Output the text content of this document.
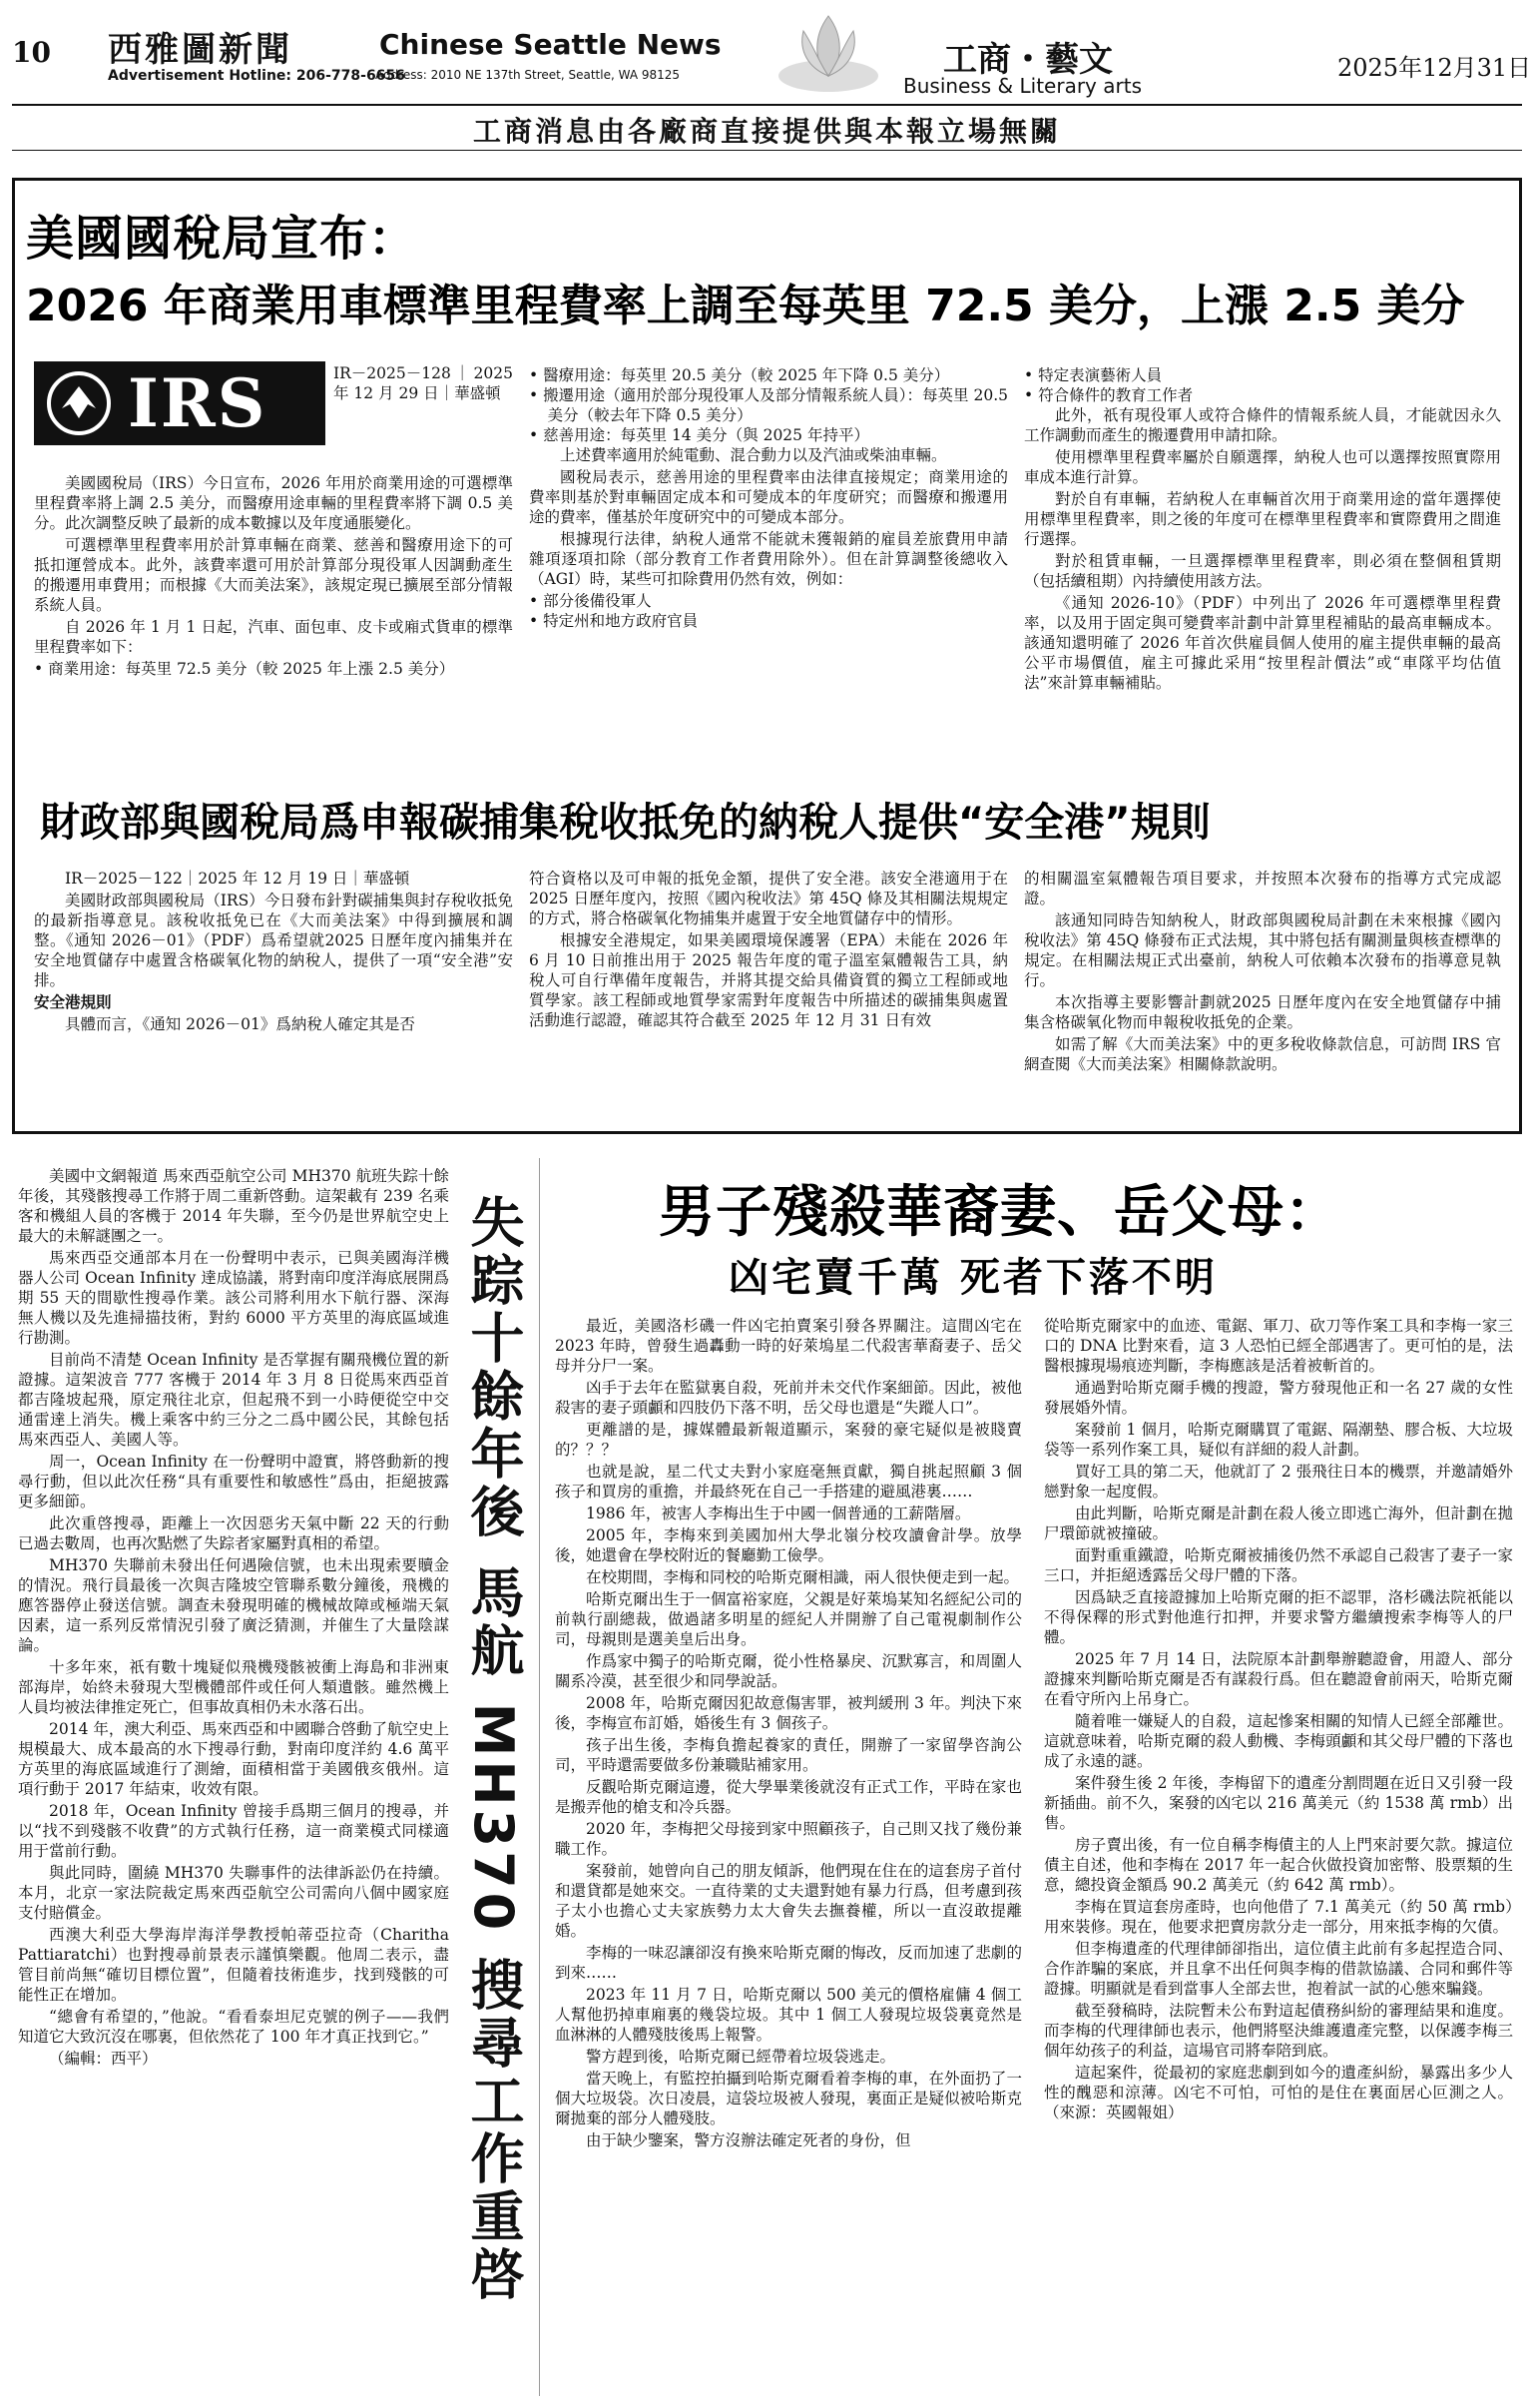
10 西雅圖新聞	Chinese Seattle News
Advertisement Hotline: 206-778-6656
Address: 2010 NE 137th Street, Seattle, WA 98125	工商・藝文
Business & Literary arts
2025年12月31日
工商消息由各廠商直接提供與本報立場無關
美國國稅局宣布：
2026 年商業用車標準里程費率上調至每英里 72.5 美分，上漲 2.5 美分
IRS	IR－2025－128｜2025 年 12 月 29 日｜華盛頓

美國國稅局（IRS）今日宣布，2026 年用於商業用途的可選標準里程費率將上調 2.5 美分，而醫療用途車輛的里程費率將下調 0.5 美分。此次調整反映了最新的成本數據以及年度通脹變化。

可選標準里程費率用於計算車輛在商業、慈善和醫療用途下的可抵扣運營成本。此外，該費率還可用於計算部分現役軍人因調動產生的搬遷用車費用；而根據《大而美法案》，該規定現已擴展至部分情報系統人員。

自 2026 年 1 月 1 日起，汽車、面包車、皮卡或廂式貨車的標準里程費率如下：

• 商業用途：每英里 72.5 美分（較 2025 年上漲 2.5 美分）
• 醫療用途：每英里 20.5 美分（較 2025 年下降 0.5 美分）
• 搬遷用途（適用於部分現役軍人及部分情報系統人員）：每英里 20.5 美分（較去年下降 0.5 美分）
• 慈善用途：每英里 14 美分（與 2025 年持平）

上述費率適用於純電動、混合動力以及汽油或柴油車輛。

國稅局表示，慈善用途的里程費率由法律直接規定；商業用途的費率則基於對車輛固定成本和可變成本的年度研究；而醫療和搬遷用途的費率，僅基於年度研究中的可變成本部分。

根據現行法律，納稅人通常不能就未獲報銷的雇員差旅費用申請雜項逐項扣除（部分教育工作者費用除外）。但在計算調整後總收入（AGI）時，某些可扣除費用仍然有效，例如：

• 部分後備役軍人
• 特定州和地方政府官員
• 特定表演藝術人員
• 符合條件的教育工作者

此外，祇有現役軍人或符合條件的情報系統人員，才能就因永久工作調動而產生的搬遷費用申請扣除。

使用標準里程費率屬於自願選擇，納稅人也可以選擇按照實際用車成本進行計算。

對於自有車輛，若納稅人在車輛首次用于商業用途的當年選擇使用標準里程費率，則之後的年度可在標準里程費率和實際費用之間進行選擇。

對於租賃車輛，一旦選擇標準里程費率，則必須在整個租賃期（包括續租期）內持續使用該方法。

《通知 2026-10》（PDF）中列出了 2026 年可選標準里程費率，以及用于固定與可變費率計劃中計算里程補貼的最高車輛成本。該通知還明確了 2026 年首次供雇員個人使用的雇主提供車輛的最高公平市場價值，雇主可據此采用“按里程計價法”或“車隊平均估值法”來計算車輛補貼。

財政部與國稅局爲申報碳捕集稅收抵免的納稅人提供“安全港”規則

IR－2025－122｜2025 年 12 月 19 日｜華盛頓

美國財政部與國稅局（IRS）今日發布針對碳捕集與封存稅收抵免的最新指導意見。該稅收抵免已在《大而美法案》中得到擴展和調整。《通知 2026－01》（PDF）爲希望就2025 日歷年度內捕集并在安全地質儲存中處置含格碳氧化物的納稅人，提供了一項“安全港”安排。

安全港規則

具體而言，《通知 2026－01》爲納稅人確定其是否

符合資格以及可申報的抵免金額，提供了安全港。該安全港適用于在 2025 日歷年度內，按照《國內稅收法》第 45Q 條及其相關法規規定的方式，將合格碳氧化物捕集并處置于安全地質儲存中的情形。

根據安全港規定，如果美國環境保護署（EPA）未能在 2026 年 6 月 10 日前推出用于 2025 報告年度的電子溫室氣體報告工具，納稅人可自行準備年度報告，并將其提交給具備資質的獨立工程師或地質學家。該工程師或地質學家需對年度報告中所描述的碳捕集與處置活動進行認證，確認其符合截至 2025 年 12 月 31 日有效

的相關溫室氣體報告項目要求，并按照本次發布的指導方式完成認證。

該通知同時告知納稅人，財政部與國稅局計劃在未來根據《國內稅收法》第 45Q 條發布正式法規，其中將包括有關測量與核查標準的規定。在相關法規正式出臺前，納稅人可依賴本次發布的指導意見執行。

本次指導主要影響計劃就2025 日歷年度內在安全地質儲存中捕集含格碳氧化物而申報稅收抵免的企業。

如需了解《大而美法案》中的更多稅收條款信息，可訪問 IRS 官網查閱《大而美法案》相關條款說明。

美國中文網報道 馬來西亞航空公司 MH370 航班失踪十餘年後，其殘骸搜尋工作將于周二重新啓動。這架載有 239 名乘客和機組人員的客機于 2014 年失聯，至今仍是世界航空史上最大的未解謎團之一。

馬來西亞交通部本月在一份聲明中表示，已與美國海洋機器人公司 Ocean Infinity 達成協議，將對南印度洋海底展開爲期 55 天的間歇性搜尋作業。該公司將利用水下航行器、深海無人機以及先進掃描技術，對約 6000 平方英里的海底區域進行勘測。

目前尚不清楚 Ocean Infinity 是否掌握有關飛機位置的新證據。這架波音 777 客機于 2014 年 3 月 8 日從馬來西亞首都吉隆坡起飛，原定飛往北京，但起飛不到一小時便從空中交通雷達上消失。機上乘客中約三分之二爲中國公民，其餘包括馬來西亞人、美國人等。

周一，Ocean Infinity 在一份聲明中證實，將啓動新的搜尋行動，但以此次任務“具有重要性和敏感性”爲由，拒絕披露更多細節。

此次重啓搜尋，距離上一次因惡劣天氣中斷 22 天的行動已過去數周，也再次點燃了失踪者家屬對真相的希望。

MH370 失聯前未發出任何遇險信號，也未出現索要贖金的情況。飛行員最後一次與吉隆坡空管聯系數分鐘後，飛機的應答器停止發送信號。調查未發現明確的機械故障或極端天氣因素，這一系列反常情況引發了廣泛猜測，并催生了大量陰謀論。

十多年來，祇有數十塊疑似飛機殘骸被衝上海島和非洲東部海岸，始終未發現大型機體部件或任何人類遺骸。雖然機上人員均被法律推定死亡，但事故真相仍未水落石出。

2014 年，澳大利亞、馬來西亞和中國聯合啓動了航空史上規模最大、成本最高的水下搜尋行動，對南印度洋約 4.6 萬平方英里的海底區域進行了測繪，面積相當于美國俄亥俄州。這項行動于 2017 年結束，收效有限。

2018 年，Ocean Infinity 曾接手爲期三個月的搜尋，并以“找不到殘骸不收費”的方式執行任務，這一商業模式同樣適用于當前行動。

與此同時，圍繞 MH370 失聯事件的法律訴訟仍在持續。本月，北京一家法院裁定馬來西亞航空公司需向八個中國家庭支付賠償金。

西澳大利亞大學海岸海洋學教授帕蒂亞拉奇（Charitha Pattiaratchi）也對搜尋前景表示謹慎樂觀。他周二表示，盡管目前尚無“確切目標位置”，但隨着技術進步，找到殘骸的可能性正在增加。

“總會有希望的，”他說。“看看泰坦尼克號的例子——我們知道它大致沉沒在哪裏，但依然花了 100 年才真正找到它。”

（編輯：西平）	失踪十餘年後 馬航 MH370 搜尋工作重啓 男子殘殺華裔妻、岳父母：
凶宅賣千萬 死者下落不明

最近，美國洛杉磯一件凶宅拍賣案引發各界關注。這間凶宅在 2023 年時，曾發生過轟動一時的好萊塢星二代殺害華裔妻子、岳父母并分尸一案。

凶手于去年在監獄裏自殺，死前并未交代作案細節。因此，被他殺害的妻子頭顱和四肢仍下落不明，岳父母也還是“失蹤人口”。

更離譜的是，據媒體最新報道顯示，案發的豪宅疑似是被賤賣的？？？

也就是說，星二代丈夫對小家庭毫無貢獻，獨自挑起照顧 3 個孩子和買房的重擔，并最終死在自己一手搭建的避風港裏……

1986 年，被害人李梅出生于中國一個普通的工薪階層。

2005 年，李梅來到美國加州大學北嶺分校攻讀會計學。放學後，她還會在學校附近的餐廳勤工儉學。

在校期間，李梅和同校的哈斯克爾相識，兩人很快便走到一起。

哈斯克爾出生于一個富裕家庭，父親是好萊塢某知名經紀公司的前執行副總裁，做過諸多明星的經紀人并開辦了自己電視劇制作公司，母親則是選美皇后出身。

作爲家中獨子的哈斯克爾，從小性格暴戾、沉默寡言，和周圍人關系冷漠，甚至很少和同學說話。

2008 年，哈斯克爾因犯故意傷害罪，被判緩刑 3 年。判決下來後，李梅宣布訂婚，婚後生有 3 個孩子。

孩子出生後，李梅負擔起養家的責任，開辦了一家留學咨詢公司，平時還需要做多份兼職貼補家用。

反觀哈斯克爾這邊，從大學畢業後就沒有正式工作，平時在家也是搬弄他的槍支和冷兵器。

2020 年，李梅把父母接到家中照顧孩子，自己則又找了幾份兼職工作。

案發前，她曾向自己的朋友傾訴，他們現在住在的這套房子首付和還貸都是她來交。一直待業的丈夫還對她有暴力行爲，但考慮到孩子太小也擔心丈夫家族勢力太大會失去撫養權，所以一直沒敢提離婚。

李梅的一味忍讓卻沒有換來哈斯克爾的悔改，反而加速了悲劇的到來……

2023 年 11 月 7 日，哈斯克爾以 500 美元的價格雇傭 4 個工人幫他扔掉車廂裏的幾袋垃圾。其中 1 個工人發現垃圾袋裏竟然是血淋淋的人體殘肢後馬上報警。

警方趕到後，哈斯克爾已經帶着垃圾袋逃走。

當天晚上，有監控拍攝到哈斯克爾看着李梅的車，在外面扔了一個大垃圾袋。次日凌晨，這袋垃圾被人發現，裏面正是疑似被哈斯克爾拋棄的部分人體殘肢。

由于缺少鑒案，警方沒辦法確定死者的身份，但

從哈斯克爾家中的血迹、電鋸、軍刀、砍刀等作案工具和李梅一家三口的 DNA 比對來看，這 3 人恐怕已經全部遇害了。更可怕的是，法醫根據現場痕迹判斷，李梅應該是活着被斬首的。

通過對哈斯克爾手機的搜證，警方發現他正和一名 27 歲的女性發展婚外情。

案發前 1 個月，哈斯克爾購買了電鋸、隔潮墊、膠合板、大垃圾袋等一系列作案工具，疑似有詳細的殺人計劃。

買好工具的第二天，他就訂了 2 張飛往日本的機票，并邀請婚外戀對象一起度假。

由此判斷，哈斯克爾是計劃在殺人後立即逃亡海外，但計劃在拋尸環節就被撞破。

面對重重鐵證，哈斯克爾被捕後仍然不承認自己殺害了妻子一家三口，并拒絕透露岳父母尸體的下落。

因爲缺乏直接證據加上哈斯克爾的拒不認罪，洛杉磯法院祇能以不得保釋的形式對他進行扣押，并要求警方繼續搜索李梅等人的尸體。

2025 年 7 月 14 日，法院原本計劃舉辦聽證會，用證人、部分證據來判斷哈斯克爾是否有謀殺行爲。但在聽證會前兩天，哈斯克爾在看守所內上吊身亡。

隨着唯一嫌疑人的自殺，這起慘案相關的知情人已經全部離世。這就意味着，哈斯克爾的殺人動機、李梅頭顱和其父母尸體的下落也成了永遠的謎。

案件發生後 2 年後，李梅留下的遺產分割問題在近日又引發一段新插曲。前不久，案發的凶宅以 216 萬美元（約 1538 萬 rmb）出售。

房子賣出後，有一位自稱李梅債主的人上門來討要欠款。據這位債主自述，他和李梅在 2017 年一起合伙做投資加密幣、股票類的生意，總投資金額爲 90.2 萬美元（約 642 萬 rmb）。

李梅在買這套房產時，也向他借了 7.1 萬美元（約 50 萬 rmb）用來裝修。現在，他要求把賣房款分走一部分，用來抵李梅的欠債。

但李梅遺產的代理律師卻指出，這位債主此前有多起捏造合同、合作詐騙的案底，并且拿不出任何與李梅的借款協議、合同和郵件等證據。明顯就是看到當事人全部去世，抱着試一試的心態來騙錢。

截至發稿時，法院暫未公布對這起債務糾紛的審理結果和進度。而李梅的代理律師也表示，他們將堅決維護遺產完整，以保護李梅三個年幼孩子的利益，這場官司將奉陪到底。

這起案件，從最初的家庭悲劇到如今的遺產糾紛，暴露出多少人性的醜惡和涼薄。凶宅不可怕，可怕的是住在裏面居心叵測之人。（來源：英國報姐）
